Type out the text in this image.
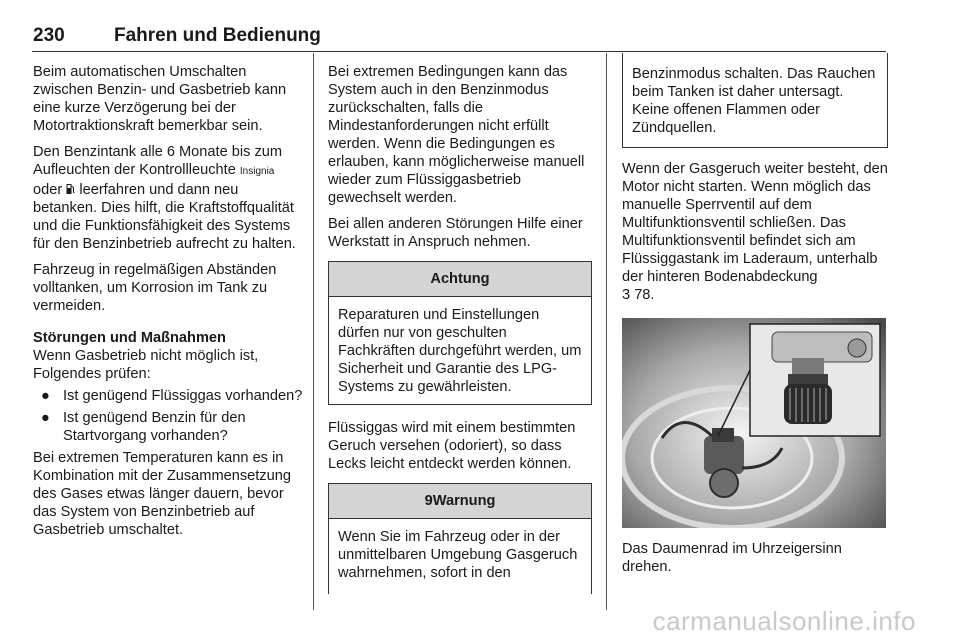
230	Fahren und Bedienung

Beim automatischen Umschalten zwischen Benzin- und Gasbetrieb kann eine kurze Verzögerung bei der Motortraktionskraft bemerkbar sein.

Den Benzintank alle 6 Monate bis zum Aufleuchten der Kontrollleuchte Insignia oder leerfahren und dann neu betanken. Dies hilft, die Kraftstoffqualität und die Funktionsfähigkeit des Systems für den Benzinbetrieb aufrecht zu halten.

Fahrzeug in regelmäßigen Abständen volltanken, um Korrosion im Tank zu vermeiden.

Störungen und Maßnahmen

Wenn Gasbetrieb nicht möglich ist, Folgendes prüfen:

● Ist genügend Flüssiggas vorhanden?
● Ist genügend Benzin für den Startvorgang vorhanden?

Bei extremen Temperaturen kann es in Kombination mit der Zusammensetzung des Gases etwas länger dauern, bevor das System von Benzinbetrieb auf Gasbetrieb umschaltet.

Bei extremen Bedingungen kann das System auch in den Benzinmodus zurückschalten, falls die Mindestanforderungen nicht erfüllt werden. Wenn die Bedingungen es erlauben, kann möglicherweise manuell wieder zum Flüssiggasbetrieb gewechselt werden.

Bei allen anderen Störungen Hilfe einer Werkstatt in Anspruch nehmen.

Achtung
Reparaturen und Einstellungen dürfen nur von geschulten Fachkräften durchgeführt werden, um Sicherheit und Garantie des LPG-Systems zu gewährleisten.

Flüssiggas wird mit einem bestimmten Geruch versehen (odoriert), so dass Lecks leicht entdeckt werden können.

9Warnung
Wenn Sie im Fahrzeug oder in der unmittelbaren Umgebung Gasgeruch wahrnehmen, sofort in den
Benzinmodus schalten. Das Rauchen beim Tanken ist daher untersagt. Keine offenen Flammen oder Zündquellen.

Wenn der Gasgeruch weiter besteht, den Motor nicht starten. Wenn möglich das manuelle Sperrventil auf dem Multifunktionsventil schließen. Das Multifunktionsventil befindet sich am Flüssiggastank im Laderaum, unterhalb der hinteren Bodenabdeckung
3 78.

Das Daumenrad im Uhrzeigersinn drehen.

carmanualsonline.info
